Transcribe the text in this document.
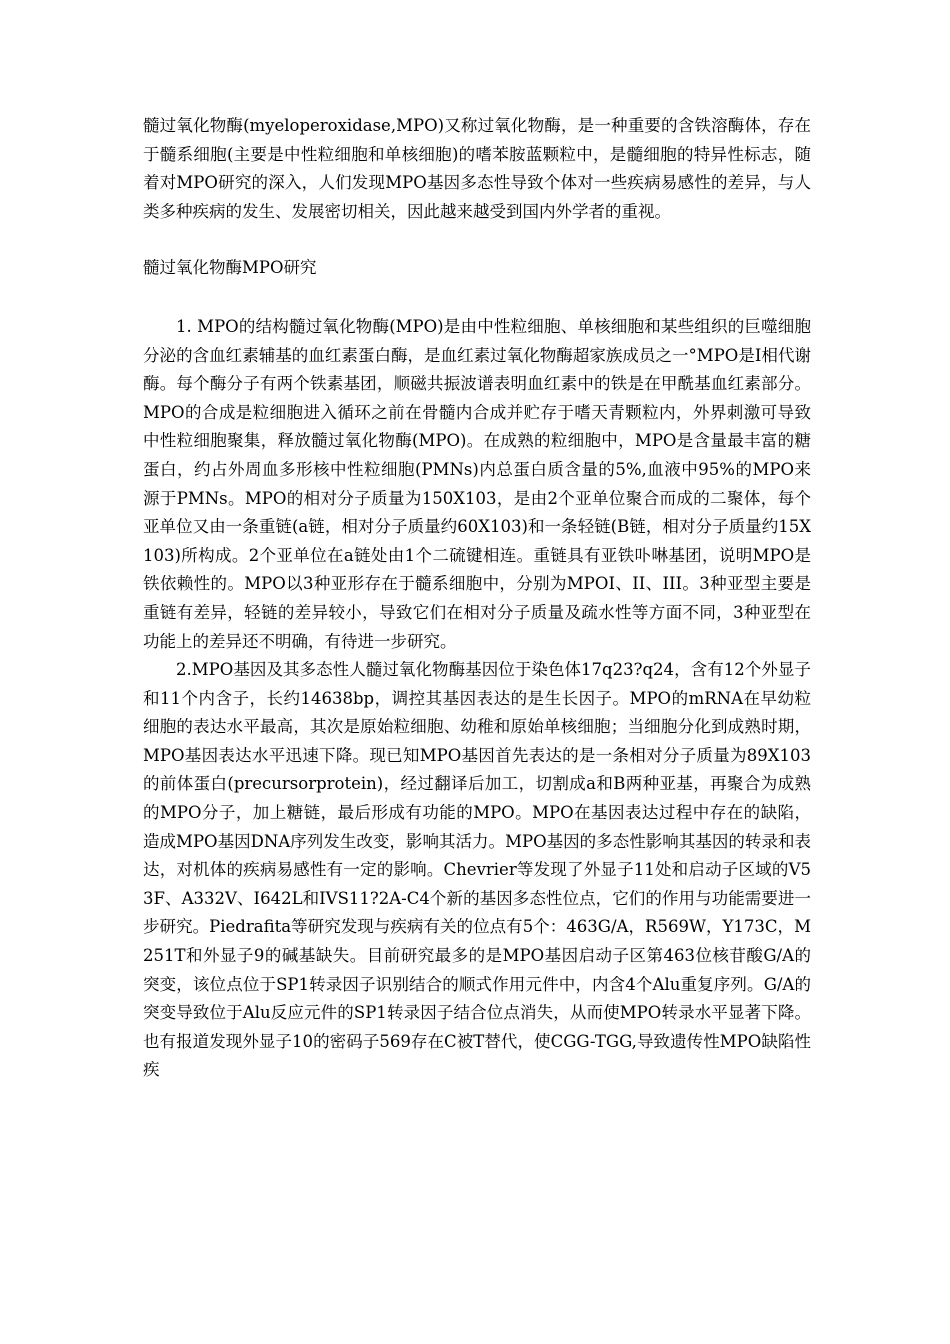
髓过氧化物酶(myeloperoxidase,MPO)又称过氧化物酶，是一种重要的含铁溶酶体，存在于髓系细胞(主要是中性粒细胞和单核细胞)的嗜苯胺蓝颗粒中，是髓细胞的特异性标志，随着对MPO研究的深入，人们发现MPO基因多态性导致个体对一些疾病易感性的差异，与人类多种疾病的发生、发展密切相关，因此越来越受到国内外学者的重视。

髓过氧化物酶MPO研究

1. MPO的结构髓过氧化物酶(MPO)是由中性粒细胞、单核细胞和某些组织的巨噬细胞分泌的含血红素辅基的血红素蛋白酶，是血红素过氧化物酶超家族成员之一°MPO是Ⅰ相代谢酶。每个酶分子有两个铁素基团，顺磁共振波谱表明血红素中的铁是在甲酰基血红素部分。MPO的合成是粒细胞进入循环之前在骨髓内合成并贮存于嗜天青颗粒内，外界刺激可导致中性粒细胞聚集，释放髓过氧化物酶(MPO)。在成熟的粒细胞中，MPO是含量最丰富的糖蛋白，约占外周血多形核中性粒细胞(PMNs)内总蛋白质含量的5%,血液中95%的MPO来源于PMNs。MPO的相对分子质量为150X103，是由2个亚单位聚合而成的二聚体，每个亚单位又由一条重链(a链，相对分子质量约60X103)和一条轻链(B链，相对分子质量约15X103)所构成。2个亚单位在a链处由1个二硫键相连。重链具有亚铁卟啉基团，说明MPO是铁依赖性的。MPO以3种亚形存在于髓系细胞中，分别为MPOI、II、III。3种亚型主要是重链有差异，轻链的差异较小，导致它们在相对分子质量及疏水性等方面不同，3种亚型在功能上的差异还不明确，有待进一步研究。

2.MPO基因及其多态性人髓过氧化物酶基因位于染色体17q23?q24，含有12个外显子和11个内含子，长约14638bp，调控其基因表达的是生长因子。MPO的mRNA在早幼粒细胞的表达水平最高，其次是原始粒细胞、幼稚和原始单核细胞；当细胞分化到成熟时期，MPO基因表达水平迅速下降。现已知MPO基因首先表达的是一条相对分子质量为89X103的前体蛋白(precursorprotein)，经过翻译后加工，切割成a和B两种亚基，再聚合为成熟的MPO分子，加上糖链，最后形成有功能的MPO。MPO在基因表达过程中存在的缺陷，造成MPO基因DNA序列发生改变，影响其活力。MPO基因的多态性影响其基因的转录和表达，对机体的疾病易感性有一定的影响。Chevrier等发现了外显子11处和启动子区域的V53F、A332V、I642L和IVS11?2A-C4个新的基因多态性位点，它们的作用与功能需要进一步研究。Piedrafita等研究发现与疾病有关的位点有5个：463G/A，R569W，Y173C，M251T和外显子9的碱基缺失。目前研究最多的是MPO基因启动子区第463位核苷酸G/A的突变，该位点位于SP1转录因子识别结合的顺式作用元件中，内含4个Alu重复序列。G/A的突变导致位于Alu反应元件的SP1转录因子结合位点消失，从而使MPO转录水平显著下降。也有报道发现外显子10的密码子569存在C被T替代，使CGG-TGG,导致遗传性MPO缺陷性疾
